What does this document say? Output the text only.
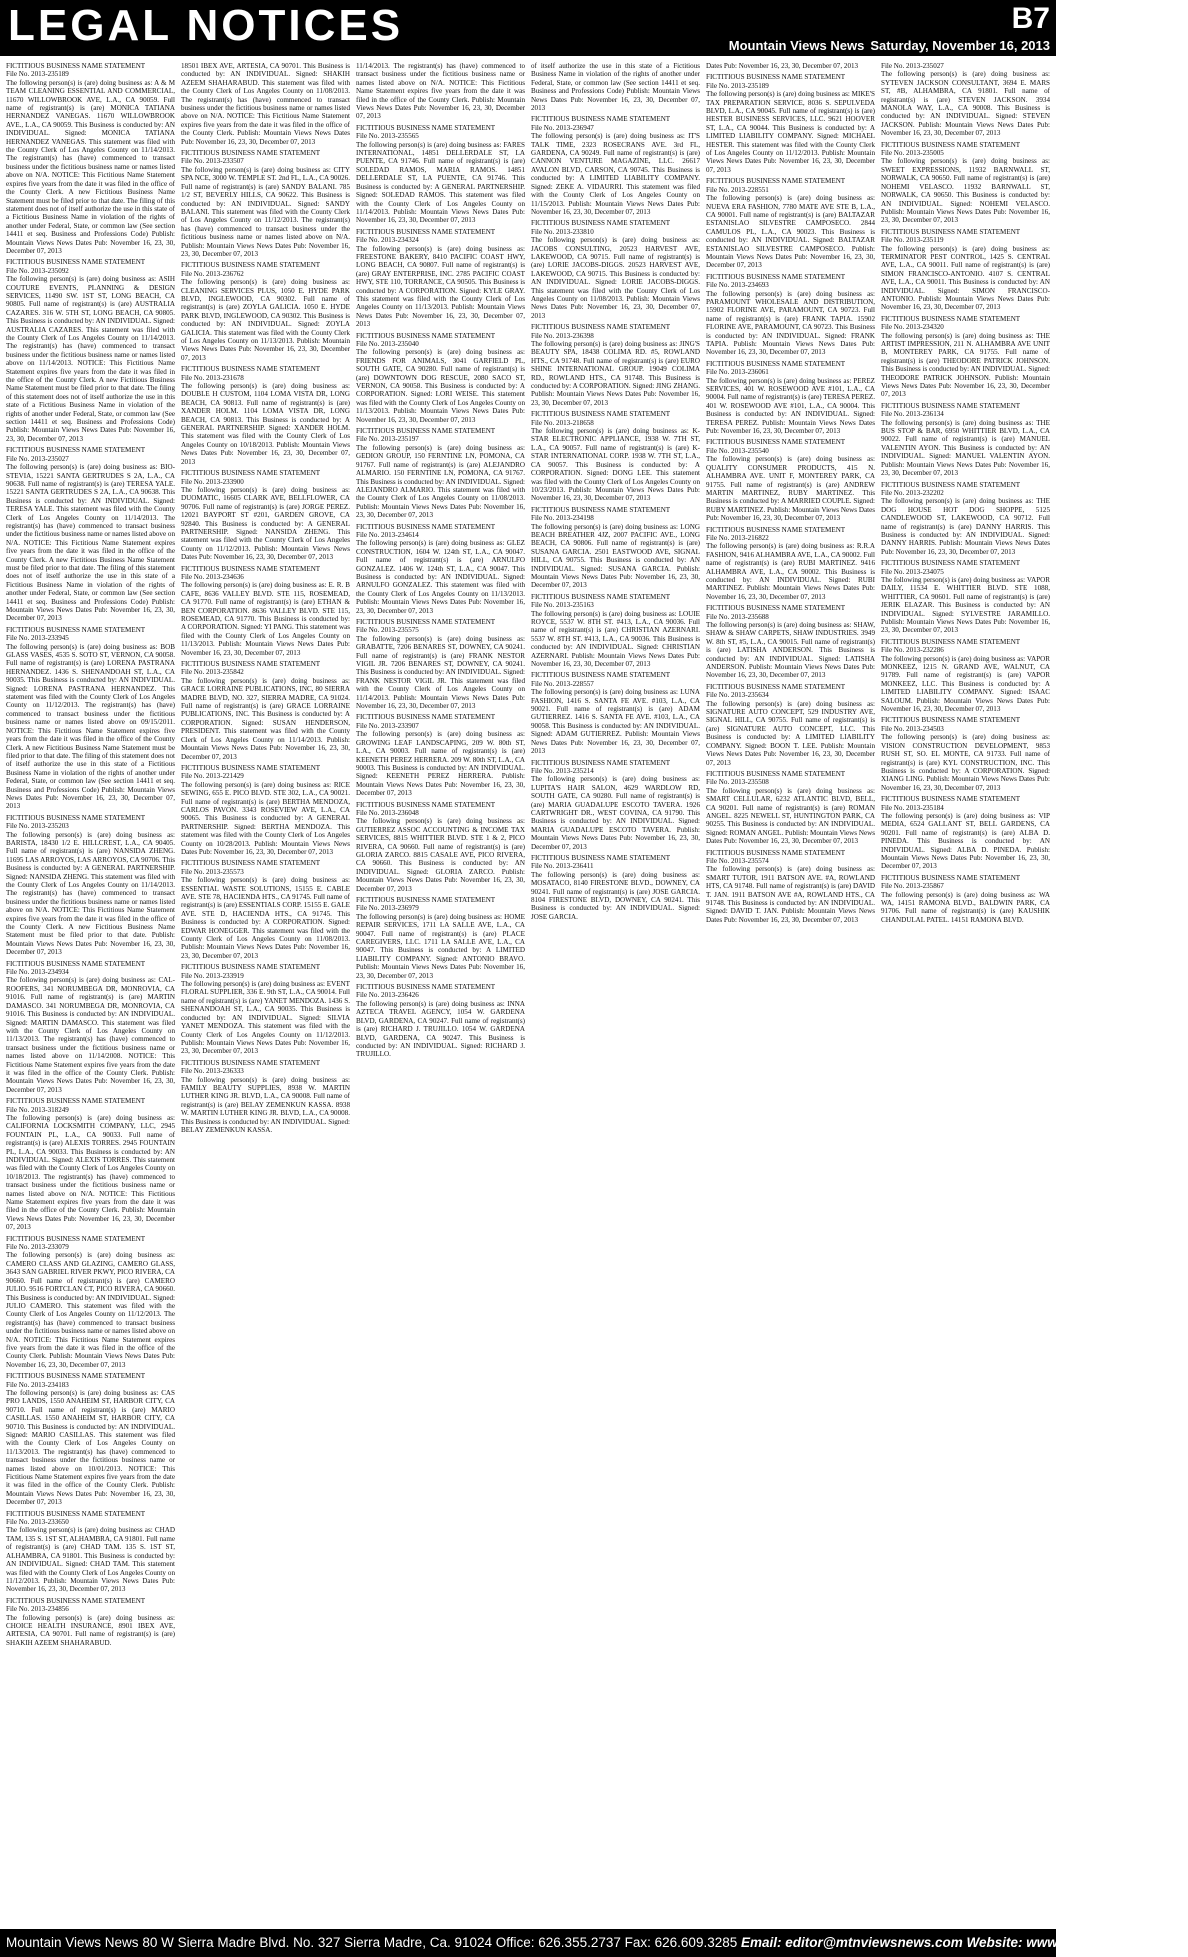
LEGAL NOTICES	B7
Mountain Views News Saturday, November 16, 2013
FICTITIOUS BUSINESS NAME STATEMENT
File No. 2013-235189
The following person(s) is (are) doing business as: A & M TEAM CLEANING ESSENTIAL AND COMMERCIAL, 11670 WILLOWBROOK AVE, L.A., CA 90059. Full name of registrant(s) is (are) MONICA TATIANA HERNANDEZ VANEGAS. 11670 WILLOWBROOK AVE., L.A., CA 90059. This Business is conducted by: AN INDIVIDUAL. Signed: MONICA TATIANA HERNANDEZ VANEGAS. This statement was filed with the County Clerk of Los Angeles County on 11/14/2013. The registrant(s) has (have) commenced to transact business under the fictitious business name or names listed above on N/A. NOTICE: This Fictitious Name Statement expires five years from the date it was filed in the office of the County Clerk. A new Fictitious Business Name Statement must be filed prior to that date. The filing of this statement does not of itself authorize the use in this state of a Fictitious Business Name in violation of the rights of another under Federal, State, or common law (See section 14411 et seq. Business and Professions Code) Publish: Mountain Views News Dates Pub: November 16, 23, 30, December 07, 2013
FICTITIOUS BUSINESS NAME STATEMENT
File No. 2013-235092
The following person(s) is (are) doing business as: ASIH COUTURE EVENTS, PLANNING & DESIGN SERVICES, 11490 SW. 1ST ST, LONG BEACH, CA 90805. Full name of registrant(s) is (are) AUSTRALIA CAZARES. 316 W. 5TH ST, LONG BEACH, CA 90805. This Business is conducted by: AN INDIVIDUAL. Signed: AUSTRALIA CAZARES. This statement was filed with the County Clerk of Los Angeles County on 11/14/2013. The registrant(s) has (have) commenced to transact business under the fictitious business name or names listed above on 11/14/2013. NOTICE: This Fictitious Name Statement expires five years from the date it was filed in the office of the County Clerk. A new Fictitious Business Name Statement must be filed prior to that date. The filing of this statement does not of itself authorize the use in this state of a Fictitious Business Name in violation of the rights of another under Federal, State, or common law (See section 14411 et seq. Business and Professions Code) Publish: Mountain Views News Dates Pub: November 16, 23, 30, December 07, 2013
FICTITIOUS BUSINESS NAME STATEMENT
File No. 2013-235027
The following person(s) is (are) doing business as: BIO-STEVIA, 15221 SANTA GERTRUDES S 2A, L.A., CA 90638. Full name of registrant(s) is (are) TERESA YALE. 15221 SANTA GERTRUDES S 2A, L.A., CA 90638. This Business is conducted by: AN INDIVIDUAL. Signed: TERESA YALE. This statement was filed with the County Clerk of Los Angeles County on 11/14/2013. The registrant(s) has (have) commenced to transact business under the fictitious business name or names listed above on N/A. NOTICE: This Fictitious Name Statement expires five years from the date it was filed in the office of the County Clerk. A new Fictitious Business Name Statement must be filed prior to that date. The filing of this statement does not of itself authorize the use in this state of a Fictitious Business Name in violation of the rights of another under Federal, State, or common law (See section 14411 et seq. Business and Professions Code) Publish: Mountain Views News Dates Pub: November 16, 23, 30, December 07, 2013
FICTITIOUS BUSINESS NAME STATEMENT
File No. 2013-233945
The following person(s) is (are) doing business as: BOB GLASS VASES, 4535 S. SOTO ST, VERNON, CA 90058. Full name of registrant(s) is (are) LORENA PASTRANA HERNANDEZ. 1436 S. SHENANDOAH ST, L.A., CA 90035. This Business is conducted by: AN INDIVIDUAL. Signed: LORENA PASTRANA HERNANDEZ. This statement was filed with the County Clerk of Los Angeles County on 11/12/2013. The registrant(s) has (have) commenced to transact business under the fictitious business name or names listed above on 09/15/2011. NOTICE: This Fictitious Name Statement expires five years from the date it was filed in the office of the County Clerk. A new Fictitious Business Name Statement must be filed prior to that date. The filing of this statement does not of itself authorize the use in this state of a Fictitious Business Name in violation of the rights of another under Federal, State, or common law (See section 14411 et seq. Business and Professions Code) Publish: Mountain Views News Dates Pub: November 16, 23, 30, December 07, 2013
FICTITIOUS BUSINESS NAME STATEMENT
File No. 2013-235203
The following person(s) is (are) doing business as: BARISTA, 18430 1/2 E. HILLCREST, L.A., CA 90405. Full name of registrant(s) is (are) NANSIDA ZHENG. 11695 LAS ARROYOS, LAS ARROYOS, CA 90706. This Business is conducted by: A GENERAL PARTNERSHIP. Signed: NANSIDA ZHENG. This statement was filed with the County Clerk of Los Angeles County on 11/14/2013. The registrant(s) has (have) commenced to transact business under the fictitious business name or names listed above on N/A. NOTICE: This Fictitious Name Statement expires five years from the date it was filed in the office of the County Clerk. A new Fictitious Business Name Statement must be filed prior to that date. Publish: Mountain Views News Dates Pub: November 16, 23, 30, December 07, 2013
FICTITIOUS BUSINESS NAME STATEMENT
File No. 2013-234934
The following person(s) is (are) doing business as: CAL-ROOFERS, 341 NORUMBEGA DR, MONROVIA, CA 91016. Full name of registrant(s) is (are) MARTIN DAMASCO. 341 NORUMBEGA DR, MONROVIA, CA 91016. This Business is conducted by: AN INDIVIDUAL. Signed: MARTIN DAMASCO. This statement was filed with the County Clerk of Los Angeles County on 11/13/2013. The registrant(s) has (have) commenced to transact business under the fictitious business name or names listed above on 11/14/2008. NOTICE: This Fictitious Name Statement expires five years from the date it was filed in the office of the County Clerk. Publish: Mountain Views News Dates Pub: November 16, 23, 30, December 07, 2013
FICTITIOUS BUSINESS NAME STATEMENT
File No. 2013-318249
The following person(s) is (are) doing business as: CALIFORNIA LOCKSMITH COMPANY, LLC, 2945 FOUNTAIN PL, L.A., CA 90033. Full name of registrant(s) is (are) ALEXIS TORRES. 2945 FOUNTAIN PL, L.A., CA 90033. This Business is conducted by: AN INDIVIDUAL. Signed: ALEXIS TORRES. This statement was filed with the County Clerk of Los Angeles County on 10/18/2013. The registrant(s) has (have) commenced to transact business under the fictitious business name or names listed above on N/A. NOTICE: This Fictitious Name Statement expires five years from the date it was filed in the office of the County Clerk. Publish: Mountain Views News Dates Pub: November 16, 23, 30, December 07, 2013
FICTITIOUS BUSINESS NAME STATEMENT
File No. 2013-233079
The following person(s) is (are) doing business as: CAMERO CLASS AND GLAZING, CAMERO GLASS, 3643 SAN GABRIEL RIVER PKWY, PICO RIVERA, CA 90660. Full name of registrant(s) is (are) CAMERO JULIO. 9516 FORTCLAN CT, PICO RIVERA, CA 90660. This Business is conducted by: AN INDIVIDUAL. Signed: JULIO CAMERO. This statement was filed with the County Clerk of Los Angeles County on 11/12/2013. The registrant(s) has (have) commenced to transact business under the fictitious business name or names listed above on N/A. NOTICE: This Fictitious Name Statement expires five years from the date it was filed in the office of the County Clerk. Publish: Mountain Views News Dates Pub: November 16, 23, 30, December 07, 2013
FICTITIOUS BUSINESS NAME STATEMENT
File No. 2013-234183
The following person(s) is (are) doing business as: CAS PRO LANDS, 1550 ANAHEIM ST, HARBOR CITY, CA 90710. Full name of registrant(s) is (are) MARIO CASILLAS. 1550 ANAHEIM ST, HARBOR CITY, CA 90710. This Business is conducted by: AN INDIVIDUAL. Signed: MARIO CASILLAS. This statement was filed with the County Clerk of Los Angeles County on 11/13/2013. The registrant(s) has (have) commenced to transact business under the fictitious business name or names listed above on 10/01/2013. NOTICE: This Fictitious Name Statement expires five years from the date it was filed in the office of the County Clerk. Publish: Mountain Views News Dates Pub: November 16, 23, 30, December 07, 2013
FICTITIOUS BUSINESS NAME STATEMENT
File No. 2013-233650
The following person(s) is (are) doing business as: CHAD TAM, 135 S. 1ST ST, ALHAMBRA, CA 91801. Full name of registrant(s) is (are) CHAD TAM. 135 S. 1ST ST, ALHAMBRA, CA 91801. This Business is conducted by: AN INDIVIDUAL. Signed: CHAD TAM. This statement was filed with the County Clerk of Los Angeles County on 11/12/2013. Publish: Mountain Views News Dates Pub: November 16, 23, 30, December 07, 2013
FICTITIOUS BUSINESS NAME STATEMENT
File No. 2013-234856
The following person(s) is (are) doing business as: CHOICE HEALTH INSURANCE, 8901 IBEX AVE, ARTESIA, CA 90701. Full name of registrant(s) is (are) SHAKIH AZEEM SHAHARABUD.
18501 IBEX AVE, ARTESIA, CA 90701. This Business is conducted by: AN INDIVIDUAL. Signed: SHAKIH AZEEM SHAHARABUD. This statement was filed with the County Clerk of Los Angeles County on 11/08/2013. The registrant(s) has (have) commenced to transact business under the fictitious business name or names listed above on N/A. NOTICE: This Fictitious Name Statement expires five years from the date it was filed in the office of the County Clerk. Publish: Mountain Views News Dates Pub: November 16, 23, 30, December 07, 2013
FICTITIOUS BUSINESS NAME STATEMENT
File No. 2013-233507
The following person(s) is (are) doing business as: CITY SPA NCE, 3000 W. TEMPLE ST. 2nd FL, L.A., CA 90026. Full name of registrant(s) is (are) SANDY BALANI. 785 1/2 ST, BEVERLY HILLS, CA 90622. This Business is conducted by: AN INDIVIDUAL. Signed: SANDY BALANI. This statement was filed with the County Clerk of Los Angeles County on 11/12/2013. The registrant(s) has (have) commenced to transact business under the fictitious business name or names listed above on N/A. Publish: Mountain Views News Dates Pub: November 16, 23, 30, December 07, 2013
FICTITIOUS BUSINESS NAME STATEMENT
File No. 2013-236762
The following person(s) is (are) doing business as: CLEANING SERVICES PLUS, 1050 E. HYDE PARK BLVD, INGLEWOOD, CA 90302. Full name of registrant(s) is (are) ZOYLA GALICIA. 1050 E. HYDE PARK BLVD, INGLEWOOD, CA 90302. This Business is conducted by: AN INDIVIDUAL. Signed: ZOYLA GALICIA. This statement was filed with the County Clerk of Los Angeles County on 11/13/2013. Publish: Mountain Views News Dates Pub: November 16, 23, 30, December 07, 2013
FICTITIOUS BUSINESS NAME STATEMENT
File No. 2013-231678
The following person(s) is (are) doing business as: DOUBLE H CUSTOM, 1104 LOMA VISTA DR, LONG BEACH, CA 90813. Full name of registrant(s) is (are) XANDER HOLM. 1104 LOMA VISTA DR, LONG BEACH, CA 90813. This Business is conducted by: A GENERAL PARTNERSHIP. Signed: XANDER HOLM. This statement was filed with the County Clerk of Los Angeles County on 10/18/2013. Publish: Mountain Views News Dates Pub: November 16, 23, 30, December 07, 2013
FICTITIOUS BUSINESS NAME STATEMENT
File No. 2013-233900
The following person(s) is (are) doing business as: DUOMATIC, 16605 CLARK AVE, BELLFLOWER, CA 90706. Full name of registrant(s) is (are) JORGE PEREZ. 12021 BAYPORT ST #201, GARDEN GROVE, CA 92840. This Business is conducted by: A GENERAL PARTNERSHIP. Signed: NANSIDA ZHENG. This statement was filed with the County Clerk of Los Angeles County on 11/12/2013. Publish: Mountain Views News Dates Pub: November 16, 23, 30, December 07, 2013
FICTITIOUS BUSINESS NAME STATEMENT
File No. 2013-234636
The following person(s) is (are) doing business as: E. R. B CAFE, 8636 VALLEY BLVD. STE 115, ROSEMEAD, CA 91770. Full name of registrant(s) is (are) ETHAN & BEN CORPORATION. 8636 VALLEY BLVD. STE 115, ROSEMEAD, CA 91770. This Business is conducted by: A CORPORATION. Signed: YI PANG. This statement was filed with the County Clerk of Los Angeles County on 11/13/2013. Publish: Mountain Views News Dates Pub: November 16, 23, 30, December 07, 2013
FICTITIOUS BUSINESS NAME STATEMENT
File No. 2013-235842
The following person(s) is (are) doing business as: GRACE LORRAINE PUBLICATIONS, INC, 80 SIERRA MADRE BLVD, NO. 327, SIERRA MADRE, CA 91024. Full name of registrant(s) is (are) GRACE LORRAINE PUBLICATIONS, INC. This Business is conducted by: A CORPORATION. Signed: SUSAN HENDERSON, PRESIDENT. This statement was filed with the County Clerk of Los Angeles County on 11/14/2013. Publish: Mountain Views News Dates Pub: November 16, 23, 30, December 07, 2013
FICTITIOUS BUSINESS NAME STATEMENT
File No. 2013-221429
The following person(s) is (are) doing business as: RICE SEWING, 655 E. PICO BLVD. STE 302, L.A., CA 90021. Full name of registrant(s) is (are) BERTHA MENDOZA, CARLOS PAVON. 3343 ROSEVIEW AVE, L.A., CA 90065. This Business is conducted by: A GENERAL PARTNERSHIP. Signed: BERTHA MENDOZA. This statement was filed with the County Clerk of Los Angeles County on 10/28/2013. Publish: Mountain Views News Dates Pub: November 16, 23, 30, December 07, 2013
FICTITIOUS BUSINESS NAME STATEMENT
File No. 2013-235573
The following person(s) is (are) doing business as: ESSENTIAL WASTE SOLUTIONS, 15155 E. CABLE AVE. STE 78, HACIENDA HTS., CA 91745. Full name of registrant(s) is (are) ESSENTIALS CORP. 15155 E. GALE AVE. STE D, HACIENDA HTS., CA 91745. This Business is conducted by: A CORPORATION. Signed: EDWAR HONEGGER. This statement was filed with the County Clerk of Los Angeles County on 11/08/2013. Publish: Mountain Views News Dates Pub: November 16, 23, 30, December 07, 2013
FICTITIOUS BUSINESS NAME STATEMENT
File No. 2013-233919
The following person(s) is (are) doing business as: EVENT FLORAL SUPPLIER, 336 E. 9th ST, L.A., CA 90014. Full name of registrant(s) is (are) YANET MENDOZA. 1436 S. SHENANDOAH ST, L.A., CA 90035. This Business is conducted by: AN INDIVIDUAL. Signed: SILVIA YANET MENDOZA. This statement was filed with the County Clerk of Los Angeles County on 11/12/2013. Publish: Mountain Views News Dates Pub: November 16, 23, 30, December 07, 2013
FICTITIOUS BUSINESS NAME STATEMENT
File No. 2013-236333
The following person(s) is (are) doing business as: FAMILY BEAUTY SUPPLIES, 8938 W. MARTIN LUTHER KING JR. BLVD, L.A., CA 90008. Full name of registrant(s) is (are) BELAY ZEMENKUN KASSA. 8938 W. MARTIN LUTHER KING JR. BLVD, L.A., CA 90008. This Business is conducted by: AN INDIVIDUAL. Signed: BELAY ZEMENKUN KASSA.
11/14/2013. The registrant(s) has (have) commenced to transact business under the fictitious business name or names listed above on N/A. NOTICE: This Fictitious Name Statement expires five years from the date it was filed in the office of the County Clerk. Publish: Mountain Views News Dates Pub: November 16, 23, 30, December 07, 2013
FICTITIOUS BUSINESS NAME STATEMENT
File No. 2013-235565
The following person(s) is (are) doing business as: FARES INTERNATIONAL, 14851 DELLERDALE ST, LA PUENTE, CA 91746. Full name of registrant(s) is (are) SOLEDAD RAMOS, MARIA RAMOS. 14851 DELLERDALE ST, LA PUENTE, CA 91746. This Business is conducted by: A GENERAL PARTNERSHIP. Signed: SOLEDAD RAMOS. This statement was filed with the County Clerk of Los Angeles County on 11/14/2013. Publish: Mountain Views News Dates Pub: November 16, 23, 30, December 07, 2013
FICTITIOUS BUSINESS NAME STATEMENT
File No. 2013-234324
The following person(s) is (are) doing business as: FREESTONE BAKERY, 8410 PACIFIC COAST HWY, LONG BEACH, CA 90807. Full name of registrant(s) is (are) GRAY ENTERPRISE, INC. 2785 PACIFIC COAST HWY, STE 110, TORRANCE, CA 90505. This Business is conducted by: A CORPORATION. Signed: KYLE GRAY. This statement was filed with the County Clerk of Los Angeles County on 11/13/2013. Publish: Mountain Views News Dates Pub: November 16, 23, 30, December 07, 2013
FICTITIOUS BUSINESS NAME STATEMENT
File No. 2013-235040
The following person(s) is (are) doing business as: FRIENDS FOR ANIMALS, 3041 GARFIELD PL, SOUTH GATE, CA 90280. Full name of registrant(s) is (are) DOWNTOWN DOG RESCUE, 2080 SACO ST, VERNON, CA 90058. This Business is conducted by: A CORPORATION. Signed: LORI WEISE. This statement was filed with the County Clerk of Los Angeles County on 11/13/2013. Publish: Mountain Views News Dates Pub: November 16, 23, 30, December 07, 2013
FICTITIOUS BUSINESS NAME STATEMENT
File No. 2013-235197
The following person(s) is (are) doing business as: GEDION GROUP, 150 FERNTINE LN, POMONA, CA 91767. Full name of registrant(s) is (are) ALEJANDRO ALMARIO. 150 FERNTINE LN, POMONA, CA 91767. This Business is conducted by: AN INDIVIDUAL. Signed: ALEJANDRO ALMARIO. This statement was filed with the County Clerk of Los Angeles County on 11/08/2013. Publish: Mountain Views News Dates Pub: November 16, 23, 30, December 07, 2013
FICTITIOUS BUSINESS NAME STATEMENT
File No. 2013-234614
The following person(s) is (are) doing business as: GLEZ CONSTRUCTION, 1604 W. 124th ST, L.A., CA 90047. Full name of registrant(s) is (are) ARNULFO GONZALEZ. 1406 W. 124th ST, L.A., CA 90047. This Business is conducted by: AN INDIVIDUAL. Signed: ARNULFO GONZALEZ. This statement was filed with the County Clerk of Los Angeles County on 11/13/2013. Publish: Mountain Views News Dates Pub: November 16, 23, 30, December 07, 2013
FICTITIOUS BUSINESS NAME STATEMENT
File No. 2013-235575
The following person(s) is (are) doing business as: GRABATTE, 7206 BENARES ST, DOWNEY, CA 90241. Full name of registrant(s) is (are) FRANK NESTOR VIGIL JR. 7206 BENARES ST, DOWNEY, CA 90241. This Business is conducted by: AN INDIVIDUAL. Signed: FRANK NESTOR VIGIL JR. This statement was filed with the County Clerk of Los Angeles County on 11/14/2013. Publish: Mountain Views News Dates Pub: November 16, 23, 30, December 07, 2013
FICTITIOUS BUSINESS NAME STATEMENT
File No. 2013-233907
The following person(s) is (are) doing business as: GROWING LEAF LANDSCAPING, 209 W. 80th ST, L.A., CA 90003. Full name of registrant(s) is (are) KEENETH PEREZ HERRERA. 209 W. 80th ST, L.A., CA 90003. This Business is conducted by: AN INDIVIDUAL. Signed: KEENETH PEREZ HERRERA. Publish: Mountain Views News Dates Pub: November 16, 23, 30, December 07, 2013
FICTITIOUS BUSINESS NAME STATEMENT
File No. 2013-236048
The following person(s) is (are) doing business as: GUTIERREZ ASSOC ACCOUNTING & INCOME TAX SERVICES, 8815 WHITTIER BLVD. STE 1 & 2, PICO RIVERA, CA 90660. Full name of registrant(s) is (are) GLORIA ZARCO. 8815 CASALE AVE, PICO RIVERA, CA 90660. This Business is conducted by: AN INDIVIDUAL. Signed: GLORIA ZARCO. Publish: Mountain Views News Dates Pub: November 16, 23, 30, December 07, 2013
FICTITIOUS BUSINESS NAME STATEMENT
File No. 2013-236979
The following person(s) is (are) doing business as: HOME REPAIR SERVICES, 1711 LA SALLE AVE, L.A., CA 90047. Full name of registrant(s) is (are) PLACE CAREGIVERS, LLC. 1711 LA SALLE AVE, L.A., CA 90047. This Business is conducted by: A LIMITED LIABILITY COMPANY. Signed: ANTONIO BRAVO. Publish: Mountain Views News Dates Pub: November 16, 23, 30, December 07, 2013
FICTITIOUS BUSINESS NAME STATEMENT
File No. 2013-236426
The following person(s) is (are) doing business as: INNA AZTECA TRAVEL AGENCY, 1054 W. GARDENA BLVD, GARDENA, CA 90247. Full name of registrant(s) is (are) RICHARD J. TRUJILLO. 1054 W. GARDENA BLVD, GARDENA, CA 90247. This Business is conducted by: AN INDIVIDUAL. Signed: RICHARD J. TRUJILLO.
of itself authorize the use in this state of a Fictitious Business Name in violation of the rights of another under Federal, State, or common law (See section 14411 et seq. Business and Professions Code) Publish: Mountain Views News Dates Pub: November 16, 23, 30, December 07, 2013
FICTITIOUS BUSINESS NAME STATEMENT
File No. 2013-236947
The following person(s) is (are) doing business as: IT'S TALK TIME, 2323 ROSECRANS AVE. 3rd FL, GARDENA, CA 90249. Full name of registrant(s) is (are) CANNON VENTURE MAGAZINE, LLC. 26617 AVALON BLVD, CARSON, CA 90745. This Business is conducted by: A LIMITED LIABILITY COMPANY. Signed: ZEKE A. VIDAURRI. This statement was filed with the County Clerk of Los Angeles County on 11/15/2013. Publish: Mountain Views News Dates Pub: November 16, 23, 30, December 07, 2013
FICTITIOUS BUSINESS NAME STATEMENT
File No. 2013-233810
The following person(s) is (are) doing business as: JACOBS CONSULTING, 20523 HARVEST AVE, LAKEWOOD, CA 90715. Full name of registrant(s) is (are) LORIE JACOBS-DIGGS. 20523 HARVEST AVE, LAKEWOOD, CA 90715. This Business is conducted by: AN INDIVIDUAL. Signed: LORIE JACOBS-DIGGS. This statement was filed with the County Clerk of Los Angeles County on 11/08/2013. Publish: Mountain Views News Dates Pub: November 16, 23, 30, December 07, 2013
FICTITIOUS BUSINESS NAME STATEMENT
File No. 2013-236398
The following person(s) is (are) doing business as: JING'S BEAUTY SPA, 18438 COLIMA RD. #5, ROWLAND HTS., CA 91748. Full name of registrant(s) is (are) EURO SHINE INTERNATIONAL GROUP. 19049 COLIMA RD., ROWLAND HTS., CA 91748. This Business is conducted by: A CORPORATION. Signed: JING ZHANG. Publish: Mountain Views News Dates Pub: November 16, 23, 30, December 07, 2013
FICTITIOUS BUSINESS NAME STATEMENT
File No. 2013-218658
The following person(s) is (are) doing business as: K-STAR ELECTRONIC APPLIANCE, 1938 W. 7TH ST, L.A., CA 90057. Full name of registrant(s) is (are) K-STAR INTERNATIONAL CORP. 1938 W. 7TH ST, L.A., CA 90057. This Business is conducted by: A CORPORATION. Signed: DONG LEE. This statement was filed with the County Clerk of Los Angeles County on 10/23/2013. Publish: Mountain Views News Dates Pub: November 16, 23, 30, December 07, 2013
FICTITIOUS BUSINESS NAME STATEMENT
File No. 2013-234198
The following person(s) is (are) doing business as: LONG BEACH BREATHER 4JZ, 2007 PACIFIC AVE., LONG BEACH, CA 90806. Full name of registrant(s) is (are) SUSANA GARCIA. 2501 EASTWOOD AVE, SIGNAL HILL, CA 90755. This Business is conducted by: AN INDIVIDUAL. Signed: SUSANA GARCIA. Publish: Mountain Views News Dates Pub: November 16, 23, 30, December 07, 2013
FICTITIOUS BUSINESS NAME STATEMENT
File No. 2013-235163
The following person(s) is (are) doing business as: LOUIE ROYCE, 5537 W. 8TH ST. #413, L.A., CA 90036. Full name of registrant(s) is (are) CHRISTIAN AZERNARI. 5537 W. 8TH ST. #413, L.A., CA 90036. This Business is conducted by: AN INDIVIDUAL. Signed: CHRISTIAN AZERNARI. Publish: Mountain Views News Dates Pub: November 16, 23, 30, December 07, 2013
FICTITIOUS BUSINESS NAME STATEMENT
File No. 2013-228557
The following person(s) is (are) doing business as: LUNA FASHION, 1416 S. SANTA FE AVE. #103, L.A., CA 90021. Full name of registrant(s) is (are) ADAM GUTIERREZ. 1416 S. SANTA FE AVE. #103, L.A., CA 90058. This Business is conducted by: AN INDIVIDUAL. Signed: ADAM GUTIERREZ. Publish: Mountain Views News Dates Pub: November 16, 23, 30, December 07, 2013
FICTITIOUS BUSINESS NAME STATEMENT
File No. 2013-235214
The following person(s) is (are) doing business as: LUPITA'S HAIR SALON, 4629 WARDLOW RD, SOUTH GATE, CA 90280. Full name of registrant(s) is (are) MARIA GUADALUPE ESCOTO TAVERA. 1926 CARTWRIGHT DR., WEST COVINA, CA 91790. This Business is conducted by: AN INDIVIDUAL. Signed: MARIA GUADALUPE ESCOTO TAVERA. Publish: Mountain Views News Dates Pub: November 16, 23, 30, December 07, 2013
FICTITIOUS BUSINESS NAME STATEMENT
File No. 2013-236411
The following person(s) is (are) doing business as: MOSATACO, 8140 FIRESTONE BLVD., DOWNEY, CA 90241. Full name of registrant(s) is (are) JOSE GARCIA. 8104 FIRESTONE BLVD, DOWNEY, CA 90241. This Business is conducted by: AN INDIVIDUAL. Signed: JOSE GARCIA.
Dates Pub: November 16, 23, 30, December 07, 2013
FICTITIOUS BUSINESS NAME STATEMENT
File No. 2013-235189
The following person(s) is (are) doing business as: MIKE'S TAX PREPARATION SERVICE, 8036 S. SEPULVEDA BLVD, L.A., CA 90045. Full name of registrant(s) is (are) HESTER BUSINESS SERVICES, LLC. 9621 HOOVER ST, L.A., CA 90044. This Business is conducted by: A LIMITED LIABILITY COMPANY. Signed: MICHAEL HESTER. This statement was filed with the County Clerk of Los Angeles County on 11/12/2013. Publish: Mountain Views News Dates Pub: November 16, 23, 30, December 07, 2013
FICTITIOUS BUSINESS NAME STATEMENT
File No. 2013-228551
The following person(s) is (are) doing business as: NUEVA ERA FASHION, 7780 MATE AVE STE B, L.A., CA 90001. Full name of registrant(s) is (are) BALTAZAR ESTANISLAO SILVESTRE CAMPOSECO. 2844 CAMULOS PL, L.A., CA 90023. This Business is conducted by: AN INDIVIDUAL. Signed: BALTAZAR ESTANISLAO SILVESTRE CAMPOSECO. Publish: Mountain Views News Dates Pub: November 16, 23, 30, December 07, 2013
FICTITIOUS BUSINESS NAME STATEMENT
File No. 2013-234693
The following person(s) is (are) doing business as: PARAMOUNT WHOLESALE AND DISTRIBUTION, 15902 FLORINE AVE, PARAMOUNT, CA 90723. Full name of registrant(s) is (are) FRANK TAPIA. 15902 FLORINE AVE, PARAMOUNT, CA 90723. This Business is conducted by: AN INDIVIDUAL. Signed: FRANK TAPIA. Publish: Mountain Views News Dates Pub: November 16, 23, 30, December 07, 2013
FICTITIOUS BUSINESS NAME STATEMENT
File No. 2013-236061
The following person(s) is (are) doing business as: PEREZ SERVICES, 401 W. ROSEWOOD AVE #101, L.A., CA 90004. Full name of registrant(s) is (are) TERESA PEREZ. 401 W. ROSEWOOD AVE #101, L.A., CA 90004. This Business is conducted by: AN INDIVIDUAL. Signed: TERESA PEREZ. Publish: Mountain Views News Dates Pub: November 16, 23, 30, December 07, 2013
FICTITIOUS BUSINESS NAME STATEMENT
File No. 2013-235540
The following person(s) is (are) doing business as: QUALITY CONSUMER PRODUCTS, 415 N. ALHAMBRA AVE. UNIT F, MONTEREY PARK, CA 91755. Full name of registrant(s) is (are) ANDREW MARTIN MARTINEZ, RUBY MARTINEZ. This Business is conducted by: A MARRIED COUPLE. Signed: RUBY MARTINEZ. Publish: Mountain Views News Dates Pub: November 16, 23, 30, December 07, 2013
FICTITIOUS BUSINESS NAME STATEMENT
File No. 2013-216822
The following person(s) is (are) doing business as: R.R.A FASHION, 9416 ALHAMBRA AVE, L.A., CA 90002. Full name of registrant(s) is (are) RUBI MARTINEZ. 9416 ALHAMBRA AVE, L.A., CA 90002. This Business is conducted by: AN INDIVIDUAL. Signed: RUBI MARTINEZ. Publish: Mountain Views News Dates Pub: November 16, 23, 30, December 07, 2013
FICTITIOUS BUSINESS NAME STATEMENT
File No. 2013-235688
The following person(s) is (are) doing business as: SHAW, SHAW & SHAW CARPETS, SHAW INDUSTRIES. 3949 W. 8th ST, #5, L.A., CA 90015. Full name of registrant(s) is (are) LATISHA ANDERSON. This Business is conducted by: AN INDIVIDUAL. Signed: LATISHA ANDERSON. Publish: Mountain Views News Dates Pub: November 16, 23, 30, December 07, 2013
FICTITIOUS BUSINESS NAME STATEMENT
File No. 2013-235634
The following person(s) is (are) doing business as: SIGNATURE AUTO CONCEPT, 529 INDUSTRY AVE, SIGNAL HILL, CA 90755. Full name of registrant(s) is (are) SIGNATURE AUTO CONCEPT, LLC. This Business is conducted by: A LIMITED LIABILITY COMPANY. Signed: BOON T. LEE. Publish: Mountain Views News Dates Pub: November 16, 23, 30, December 07, 2013
FICTITIOUS BUSINESS NAME STATEMENT
File No. 2013-235508
The following person(s) is (are) doing business as: SMART CELLULAR, 6232 ATLANTIC BLVD, BELL, CA 90201. Full name of registrant(s) is (are) ROMAN ANGEL. 8225 NEWELL ST, HUNTINGTON PARK, CA 90255. This Business is conducted by: AN INDIVIDUAL. Signed: ROMAN ANGEL. Publish: Mountain Views News Dates Pub: November 16, 23, 30, December 07, 2013
FICTITIOUS BUSINESS NAME STATEMENT
File No. 2013-235574
The following person(s) is (are) doing business as: SMART TUTOR, 1911 BATSON AVE. #A, ROWLAND HTS, CA 91748. Full name of registrant(s) is (are) DAVID T. JAN. 1911 BATSON AVE #A, ROWLAND HTS., CA 91748. This Business is conducted by: AN INDIVIDUAL. Signed: DAVID T. JAN. Publish: Mountain Views News Dates Pub: November 16, 23, 30, December 07, 2013
File No. 2013-235027
The following person(s) is (are) doing business as: SYTEVEN JACKSON CONSULTANT, 3694 E. MARS ST, #B, ALHAMBRA, CA 91801. Full name of registrant(s) is (are) STEVEN JACKSON. 3934 MANOLA WAY, L.A., CA 90008. This Business is conducted by: AN INDIVIDUAL. Signed: STEVEN JACKSON. Publish: Mountain Views News Dates Pub: November 16, 23, 30, December 07, 2013
FICTITIOUS BUSINESS NAME STATEMENT
File No. 2013-235005
The following person(s) is (are) doing business as: SWEET EXPRESSIONS, 11932 BARNWALL ST, NORWALK, CA 90650. Full name of registrant(s) is (are) NOHEMI VELASCO. 11932 BARNWALL ST, NORWALK, CA 90650. This Business is conducted by: AN INDIVIDUAL. Signed: NOHEMI VELASCO. Publish: Mountain Views News Dates Pub: November 16, 23, 30, December 07, 2013
FICTITIOUS BUSINESS NAME STATEMENT
File No. 2013-235119
The following person(s) is (are) doing business as: TERMINATOR PEST CONTROL, 1425 S. CENTRAL AVE, L.A., CA 90011. Full name of registrant(s) is (are) SIMON FRANCISCO-ANTONIO. 4107 S. CENTRAL AVE, L.A., CA 90011. This Business is conducted by: AN INDIVIDUAL. Signed: SIMON FRANCISCO-ANTONIO. Publish: Mountain Views News Dates Pub: November 16, 23, 30, December 07, 2013
FICTITIOUS BUSINESS NAME STATEMENT
File No. 2013-234320
The following person(s) is (are) doing business as: THE ARTIST IMPRESSION, 211 N. ALHAMBRA AVE UNIT B, MONTEREY PARK, CA 91755. Full name of registrant(s) is (are) THEODORE PATRICK JOHNSON. This Business is conducted by: AN INDIVIDUAL. Signed: THEODORE PATRICK JOHNSON. Publish: Mountain Views News Dates Pub: November 16, 23, 30, December 07, 2013
FICTITIOUS BUSINESS NAME STATEMENT
File No. 2013-236134
The following person(s) is (are) doing business as: THE BUS STOP & BAR, 6950 WHITTIER BLVD, L.A., CA 90022. Full name of registrant(s) is (are) MANUEL VALENTIN AYON. This Business is conducted by: AN INDIVIDUAL. Signed: MANUEL VALENTIN AYON. Publish: Mountain Views News Dates Pub: November 16, 23, 30, December 07, 2013
FICTITIOUS BUSINESS NAME STATEMENT
File No. 2013-232202
The following person(s) is (are) doing business as: THE DOG HOUSE HOT DOG SHOPPE, 5125 CANDLEWOOD ST, LAKEWOOD, CA 90712. Full name of registrant(s) is (are) DANNY HARRIS. This Business is conducted by: AN INDIVIDUAL. Signed: DANNY HARRIS. Publish: Mountain Views News Dates Pub: November 16, 23, 30, December 07, 2013
FICTITIOUS BUSINESS NAME STATEMENT
File No. 2013-234075
The following person(s) is (are) doing business as: VAPOR DAILY, 11534 E. WHITTIER BLVD. STE 1088, WHITTIER, CA 90601. Full name of registrant(s) is (are) JERIK ELAZAR. This Business is conducted by: AN INDIVIDUAL. Signed: SYLVESTRE JARAMILLO. Publish: Mountain Views News Dates Pub: November 16, 23, 30, December 07, 2013
FICTITIOUS BUSINESS NAME STATEMENT
File No. 2013-232286
The following person(s) is (are) doing business as: VAPOR MONKEEZ, 1215 N. GRAND AVE, WALNUT, CA 91789. Full name of registrant(s) is (are) VAPOR MONKEEZ, LLC. This Business is conducted by: A LIMITED LIABILITY COMPANY. Signed: ISAAC SALOUM. Publish: Mountain Views News Dates Pub: November 16, 23, 30, December 07, 2013
FICTITIOUS BUSINESS NAME STATEMENT
File No. 2013-234503
The following person(s) is (are) doing business as: VISION CONSTRUCTION DEVELOPMENT, 9853 RUSH ST, SO. EL MONTE, CA 91733. Full name of registrant(s) is (are) KYL CONSTRUCTION, INC. This Business is conducted by: A CORPORATION. Signed: XIANG LING. Publish: Mountain Views News Dates Pub: November 16, 23, 30, December 07, 2013
FICTITIOUS BUSINESS NAME STATEMENT
File No. 2013-235184
The following person(s) is (are) doing business as: VIP MEDIA, 6524 GALLANT ST, BELL GARDENS, CA 90201. Full name of registrant(s) is (are) ALBA D. PINEDA. This Business is conducted by: AN INDIVIDUAL. Signed: ALBA D. PINEDA. Publish: Mountain Views News Dates Pub: November 16, 23, 30, December 07, 2013
FICTITIOUS BUSINESS NAME STATEMENT
File No. 2013-235867
The following person(s) is (are) doing business as: WA WA, 14151 RAMONA BLVD., BALDWIN PARK, CA 91706. Full name of registrant(s) is (are) KAUSHIK CHANDULAL PATEL. 14151 RAMONA BLVD.
Mountain Views News 80 W Sierra Madre Blvd. No. 327 Sierra Madre, Ca. 91024 Office: 626.355.2737 Fax: 626.609.3285 Email: editor@mtnviewsnews.com Website: www.mtnviewsnews.com
